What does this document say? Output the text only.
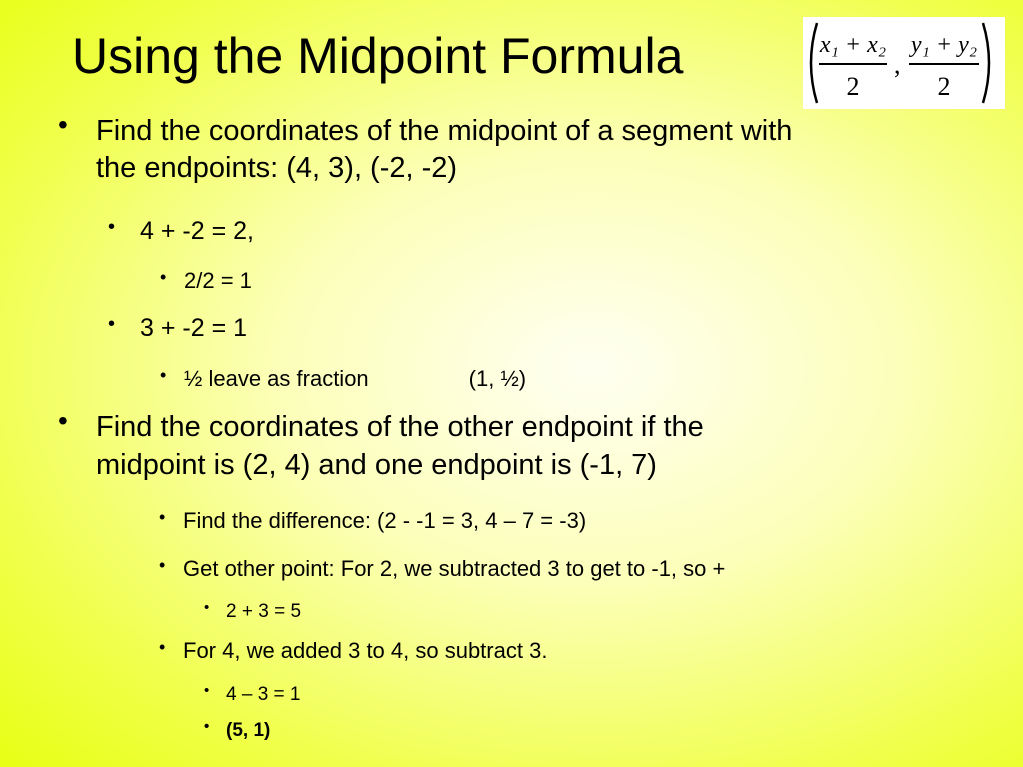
Using the Midpoint Formula	x₁ + x₂
2
,
y₁ + y₂
2
• Find the coordinates of the midpoint of a segment with
the endpoints: (4, 3), (-2, -2)
• 4 + -2 = 2,
• 2/2 = 1
• 3 + -2 = 1
• ½ leave as fraction	(1, ½)
• Find the coordinates of the other endpoint if the
midpoint is (2, 4) and one endpoint is (-1, 7)
• Find the difference: (2 - -1 = 3, 4 – 7 = -3)
• Get other point: For 2, we subtracted 3 to get to -1, so +
• 2 + 3 = 5
• For 4, we added 3 to 4, so subtract 3.
• 4 – 3 = 1
• (5, 1)
